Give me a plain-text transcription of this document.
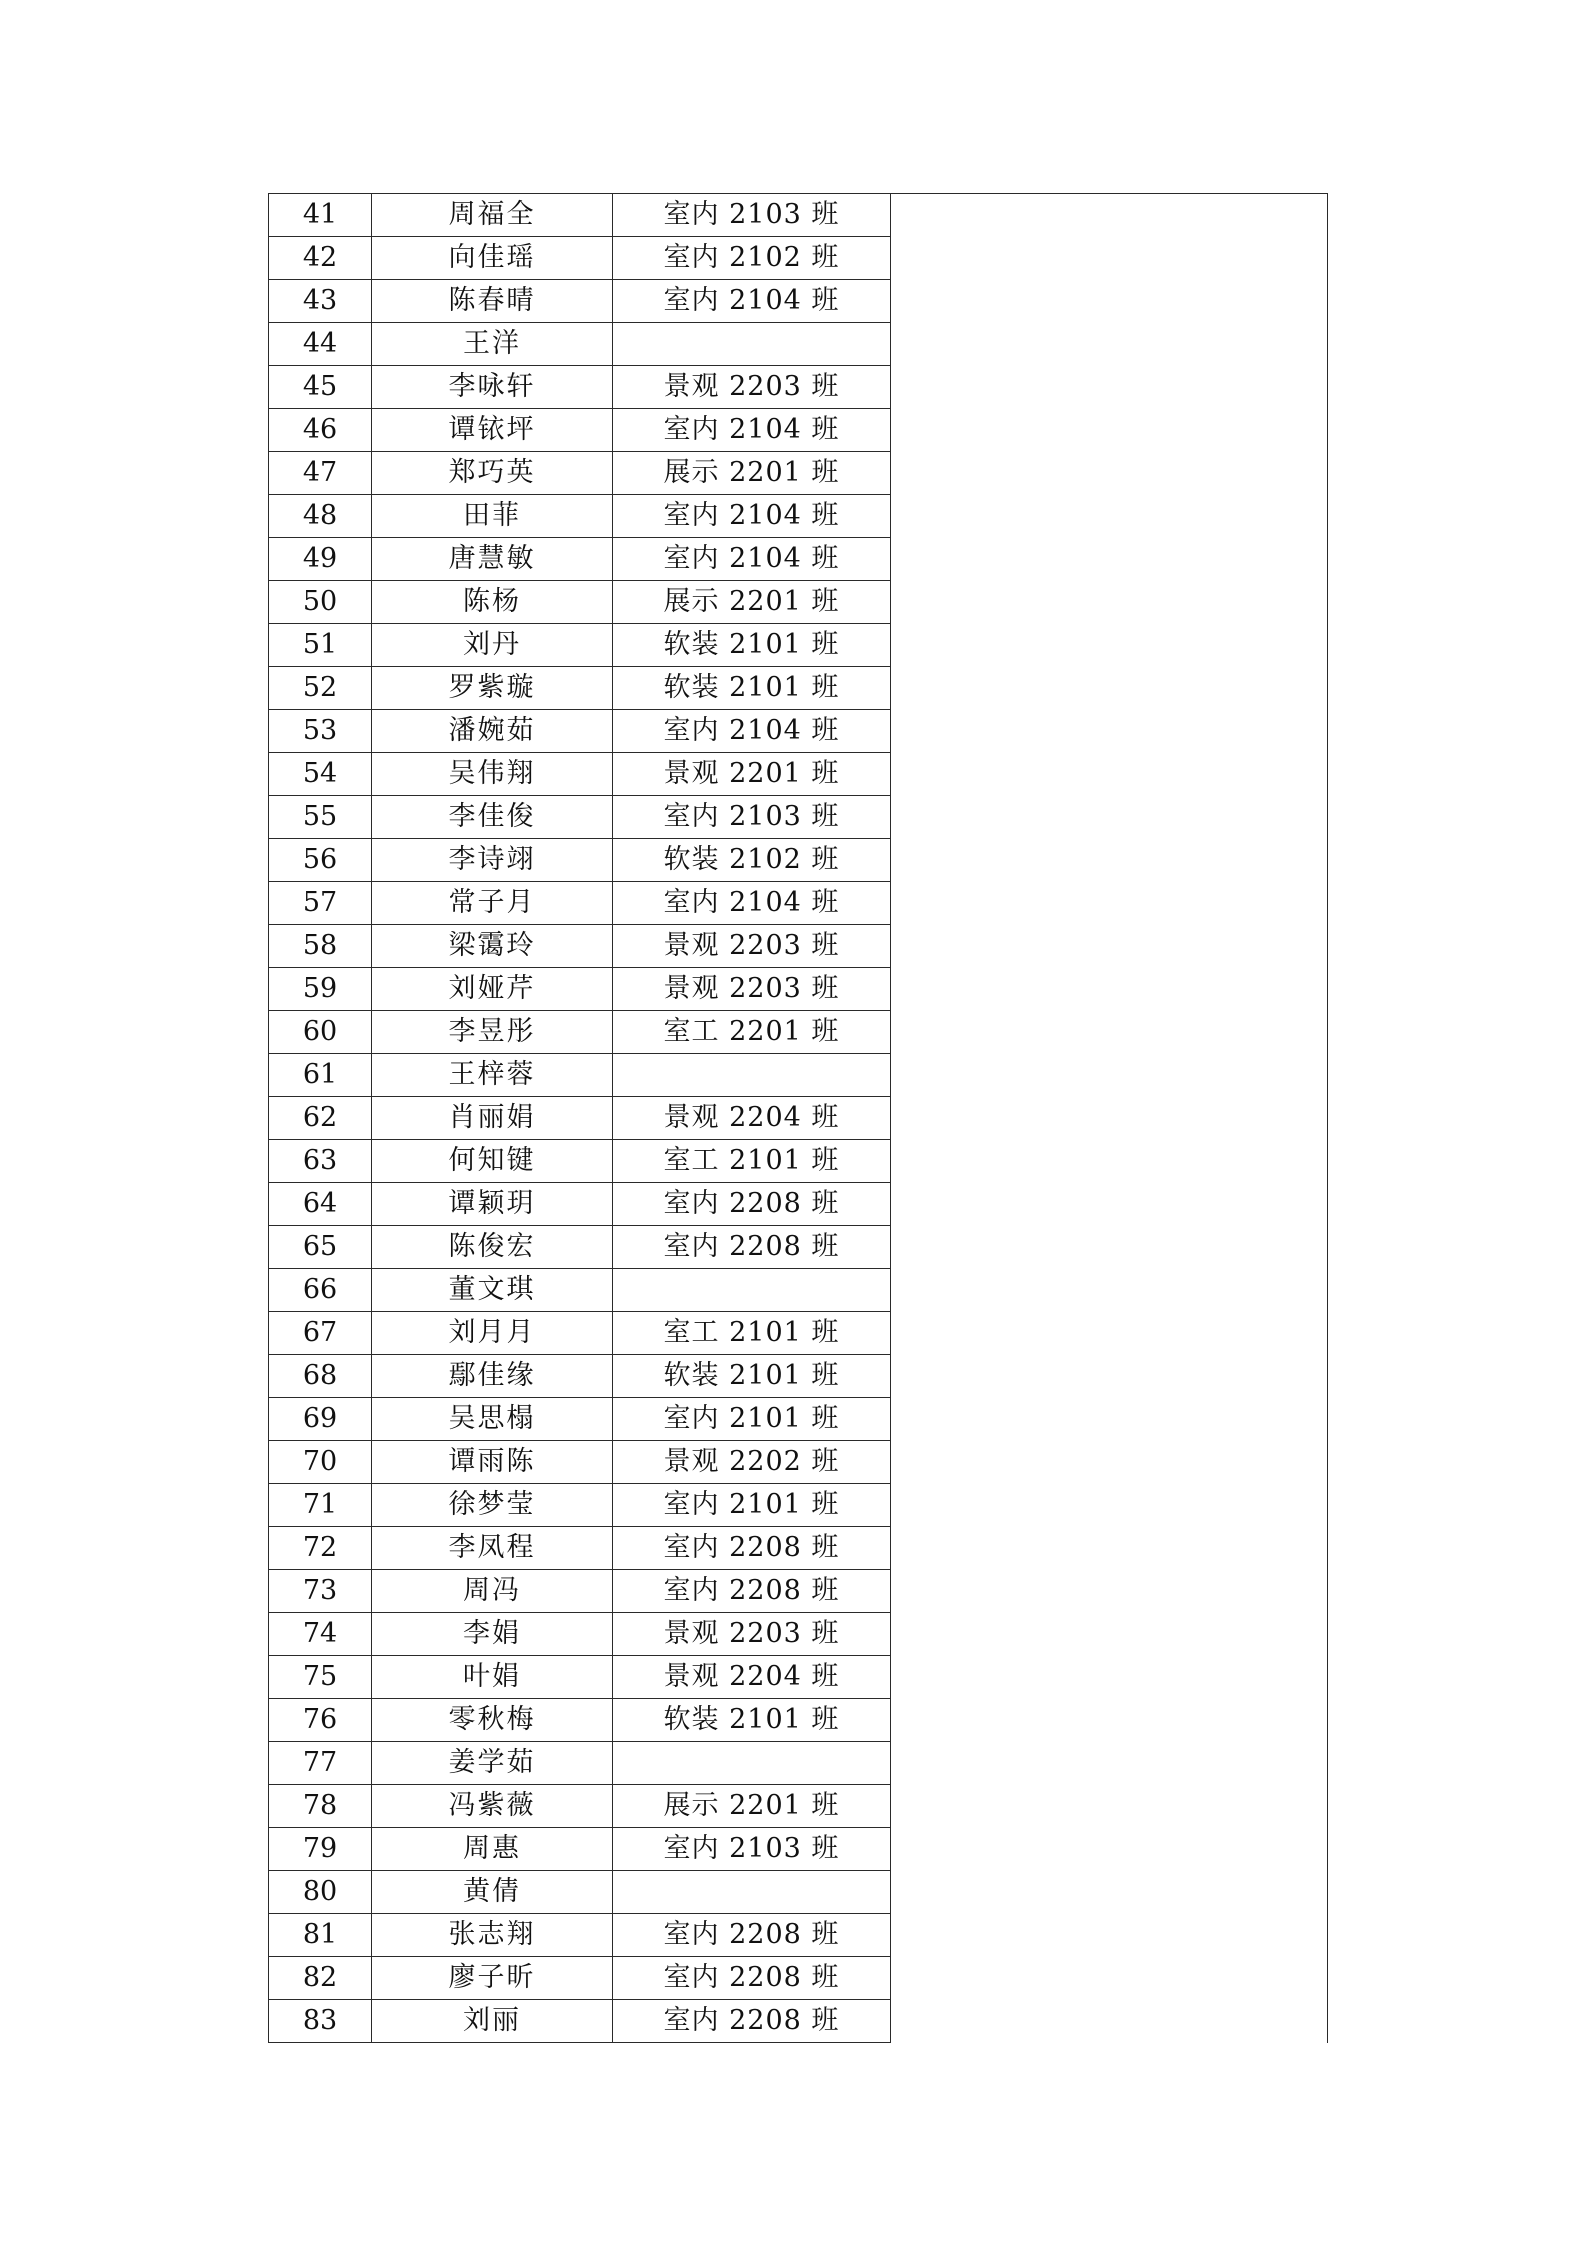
41	周福全	室内 2103 班	
42	向佳瑶	室内 2102 班	
43	陈春晴	室内 2104 班	
44	王洋		
45	李咏轩	景观 2203 班	
46	谭铱坪	室内 2104 班	
47	郑巧英	展示 2201 班	
48	田菲	室内 2104 班	
49	唐慧敏	室内 2104 班	
50	陈杨	展示 2201 班	
51	刘丹	软装 2101 班	
52	罗紫璇	软装 2101 班	
53	潘婉茹	室内 2104 班	
54	吴伟翔	景观 2201 班	
55	李佳俊	室内 2103 班	
56	李诗翊	软装 2102 班	
57	常子月	室内 2104 班	
58	梁霭玲	景观 2203 班	
59	刘娅芹	景观 2203 班	
60	李昱彤	室工 2201 班	
61	王梓蓉		
62	肖丽娟	景观 2204 班	
63	何知键	室工 2101 班	
64	谭颖玥	室内 2208 班	
65	陈俊宏	室内 2208 班	
66	董文琪		
67	刘月月	室工 2101 班	
68	鄢佳缘	软装 2101 班	
69	吴思榻	室内 2101 班	
70	谭雨陈	景观 2202 班	
71	徐梦莹	室内 2101 班	
72	李凤程	室内 2208 班	
73	周冯	室内 2208 班	
74	李娟	景观 2203 班	
75	叶娟	景观 2204 班	
76	零秋梅	软装 2101 班	
77	姜学茹		
78	冯紫薇	展示 2201 班	
79	周惠	室内 2103 班	
80	黄倩		
81	张志翔	室内 2208 班	
82	廖子昕	室内 2208 班	
83	刘丽	室内 2208 班	
